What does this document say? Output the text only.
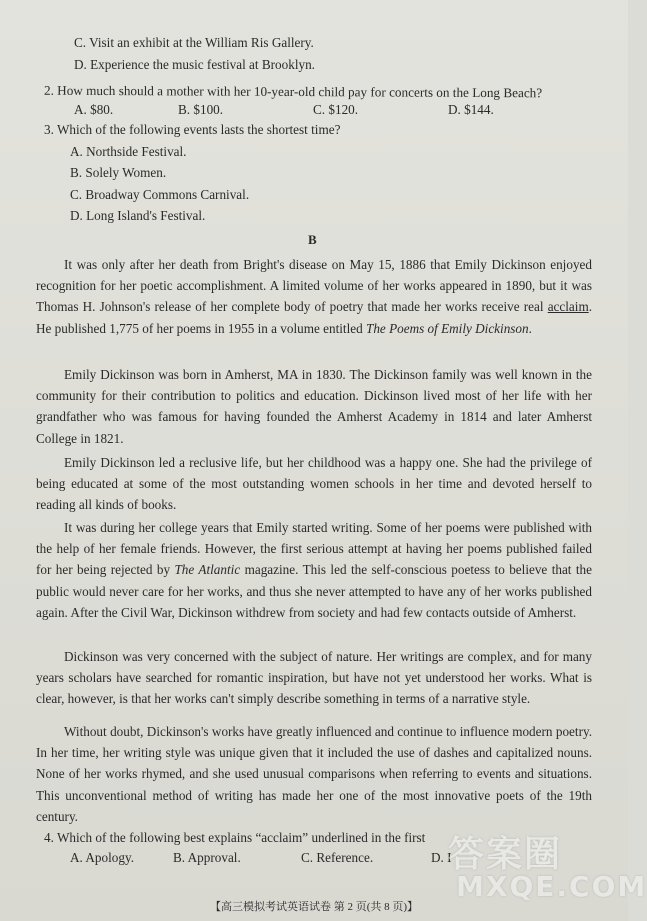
C. Visit an exhibit at the William Ris Gallery.
D. Experience the music festival at Brooklyn.
2. How much should a mother with her 10-year-old child pay for concerts on the Long Beach?
A. $80.	B. $100.	C. $120.	D. $144.
3. Which of the following events lasts the shortest time?
A. Northside Festival.
B. Solely Women.
C. Broadway Commons Carnival.
D. Long Island's Festival.
B
It was only after her death from Bright's disease on May 15, 1886 that Emily Dickinson enjoyed recognition for her poetic accomplishment. A limited volume of her works appeared in 1890, but it was Thomas H. Johnson's release of her complete body of poetry that made her works receive real acclaim. He published 1,775 of her poems in 1955 in a volume entitled The Poems of Emily Dickinson.
Emily Dickinson was born in Amherst, MA in 1830. The Dickinson family was well known in the community for their contribution to politics and education. Dickinson lived most of her life with her grandfather who was famous for having founded the Amherst Academy in 1814 and later Amherst College in 1821.
Emily Dickinson led a reclusive life, but her childhood was a happy one. She had the privilege of being educated at some of the most outstanding women schools in her time and devoted herself to reading all kinds of books.
It was during her college years that Emily started writing. Some of her poems were published with the help of her female friends. However, the first serious attempt at having her poems published failed for her being rejected by The Atlantic magazine. This led the self-conscious poetess to believe that the public would never care for her works, and thus she never attempted to have any of her works published again. After the Civil War, Dickinson withdrew from society and had few contacts outside of Amherst.
Dickinson was very concerned with the subject of nature. Her writings are complex, and for many years scholars have searched for romantic inspiration, but have not yet understood her works. What is clear, however, is that her works can't simply describe something in terms of a narrative style.
Without doubt, Dickinson's works have greatly influenced and continue to influence modern poetry. In her time, her writing style was unique given that it included the use of dashes and capitalized nouns. None of her works rhymed, and she used unusual comparisons when referring to events and situations. This unconventional method of writing has made her one of the most innovative poets of the 19th century.
4. Which of the following best explains “acclaim” underlined in the first
A. Apology.	B. Approval.	C. Reference.	D. I
【高三模拟考试英语试卷 第 2 页(共 8 页)】
答案圈
MXQE.COM
